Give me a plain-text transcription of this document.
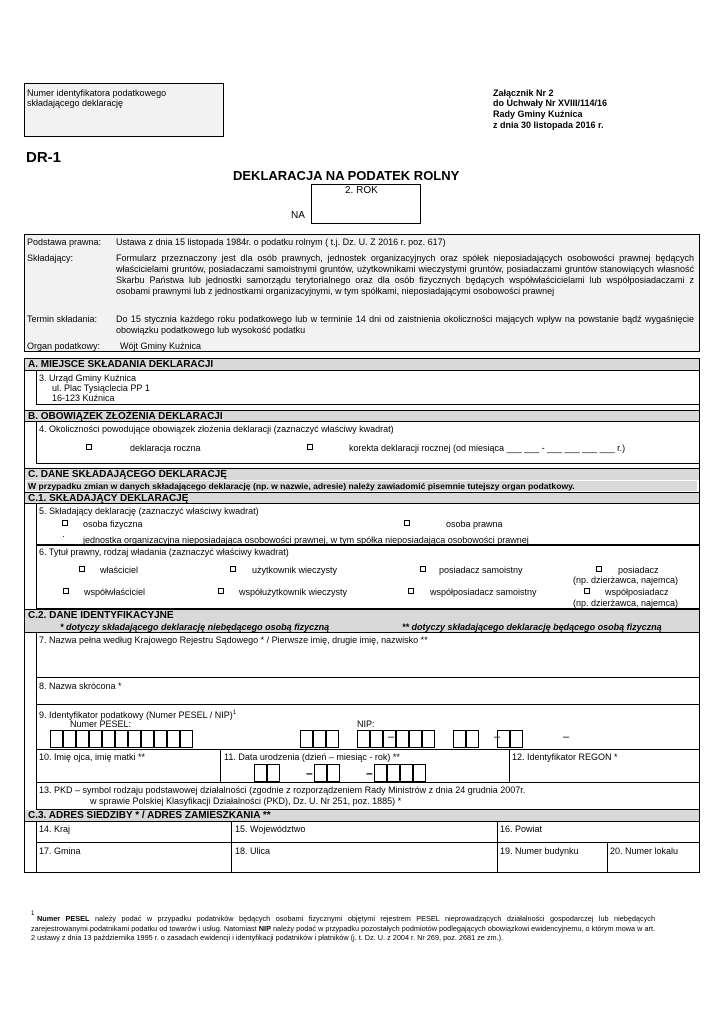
Numer identyfikatora podatkowego
składającego deklarację
Załącznik Nr 2
do Uchwały Nr XVIII/114/16
Rady Gminy Kuźnica
z dnia 30 listopada 2016 r.
DR-1
DEKLARACJA NA PODATEK ROLNY
2. ROK
NA
Podstawa prawna: Ustawa z dnia 15 listopada 1984r. o podatku rolnym ( t.j. Dz. U. Z 2016 r. poz. 617)
Składający:	Formularz przeznaczony jest dla osób prawnych, jednostek organizacyjnych oraz spółek nieposiadających osobowości prawnej będących właścicielami gruntów, posiadaczami samoistnymi gruntów, użytkownikami wieczystymi gruntów, posiadaczami gruntów stanowiących własność Skarbu Państwa lub jednostki samorządu terytorialnego oraz dla osób fizycznych będących współwłaścicielami lub współposiadaczami z osobami prawnymi lub z jednostkami organizacyjnymi, w tym spółkami, nieposiadającymi osobowości prawnej
Termin składania: Do 15 stycznia każdego roku podatkowego lub w terminie 14 dni od zaistnienia okoliczności mających wpływ na powstanie bądź wygaśnięcie obowiązku podatkowego lub wysokość podatku
Organ podatkowy: Wójt Gminy Kuźnica
A. MIEJSCE SKŁADANIA DEKLARACJI
3. Urząd Gminy Kuźnica
ul. Plac Tysiąclecia PP 1
16-123 Kuźnica
B. OBOWIĄZEK ZŁOŻENIA DEKLARACJI
4. Okoliczności powodujące obowiązek złożenia deklaracji (zaznaczyć właściwy kwadrat)
deklaracja roczna	korekta deklaracji rocznej (od miesiąca ___ ___ - ___ ___ ___ ___ r.)
C. DANE SKŁADAJĄCEGO DEKLARACJĘ
W przypadku zmian w danych składającego deklarację (np. w nazwie, adresie) należy zawiadomić pisemnie tutejszy organ podatkowy.
C.1. SKŁADAJĄCY DEKLARACJĘ
5. Składający deklarację (zaznaczyć właściwy kwadrat)
osoba fizyczna	osoba prawna
· jednostka organizacyjna nieposiadająca osobowości prawnej, w tym spółka nieposiadająca osobowości prawnej
6. Tytuł prawny, rodzaj władania (zaznaczyć właściwy kwadrat)
właściciel	użytkownik wieczysty	posiadacz samoistny	posiadacz
(np. dzierżawca, najemca)
współwłaściciel	współużytkownik wieczysty	współposiadacz samoistny	współposiadacz
(np. dzierżawca, najemca)
C.2. DANE IDENTYFIKACYJNE
* dotyczy składającego deklarację niebędącego osobą fizyczną	** dotyczy składającego deklarację będącego osobą fizyczną
7. Nazwa pełna według Krajowego Rejestru Sądowego * / Pierwsze imię, drugie imię, nazwisko **
8. Nazwa skrócona *
9. Identyfikator podatkowy (Numer PESEL / NIP)$^1$
Numer PESEL:	NIP:
–	–	–
10. Imię ojca, imię matki **	11. Data urodzenia (dzień – miesiąc - rok) **
–	–
12. Identyfikator REGON *
13. PKD – symbol rodzaju podstawowej działalności (zgodnie z rozporządzeniem Rady Ministrów z dnia 24 grudnia 2007r.
w sprawie Polskiej Klasyfikacji Działalności (PKD), Dz. U. Nr 251, poz. 1885) *
C.3. ADRES SIEDZIBY * / ADRES ZAMIESZKANIA **
14. Kraj	15. Województwo	16. Powiat
17. Gmina	18. Ulica	19. Numer budynku	20. Numer lokalu
1 Numer PESEL należy podać w przypadku podatników będących osobami fizycznymi objętymi rejestrem PESEL nieprowadzących działalności gospodarczej lub niebędących zarejestrowanymi podatnikami podatku od towarów i usług. Natomiast NIP należy podać w przypadku pozostałych podmiotów podlegających obowiązkowi ewidencyjnemu, o którym mowa w art. 2 ustawy z dnia 13 października 1995 r. o zasadach ewidencji i identyfikacji podatników i płatników (j. t. Dz. U. z 2004 r. Nr 269, poz. 2681 ze zm.).
